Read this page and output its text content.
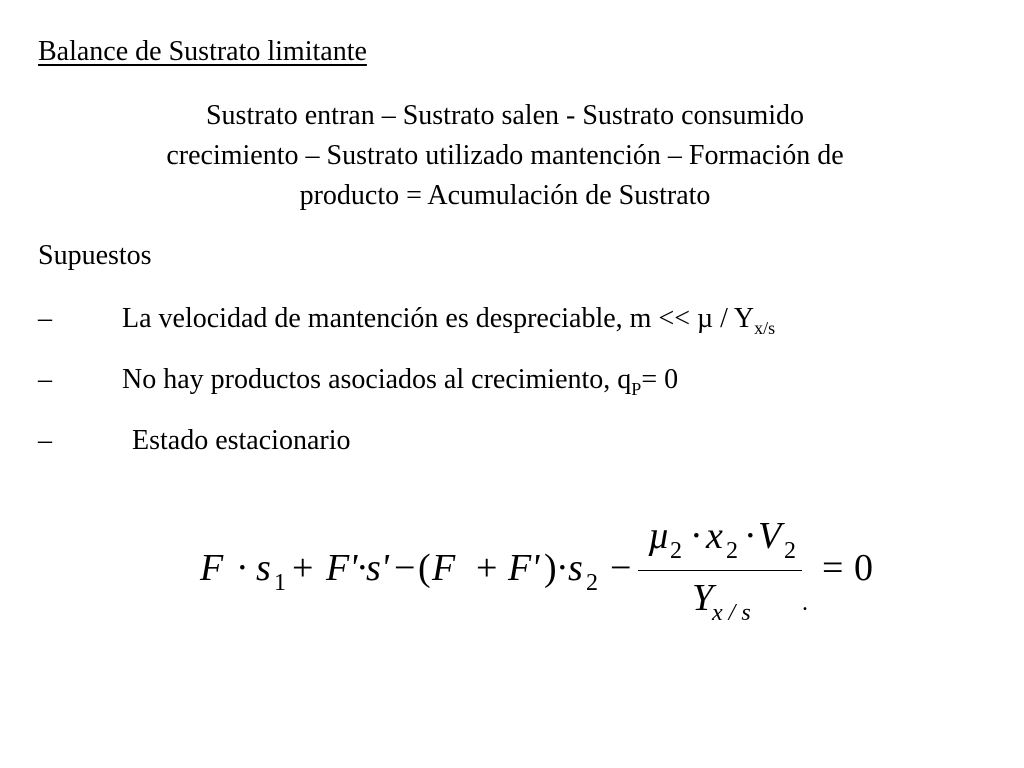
Balance de Sustrato limitante
Sustrato entran – Sustrato salen - Sustrato consumido
crecimiento – Sustrato utilizado mantención – Formación de
producto = Acumulación de Sustrato
Supuestos
–	La velocidad de mantención es despreciable, $m << \mu / Y_{x/s}$
–	No hay productos asociados al crecimiento, $q_P= 0$
–	Estado estacionario
F · s 1 + F'
·
s' − ( F + F' ) · s 2 −
µ 2 · x 2 · V 2
Y
x / s .
= 0
